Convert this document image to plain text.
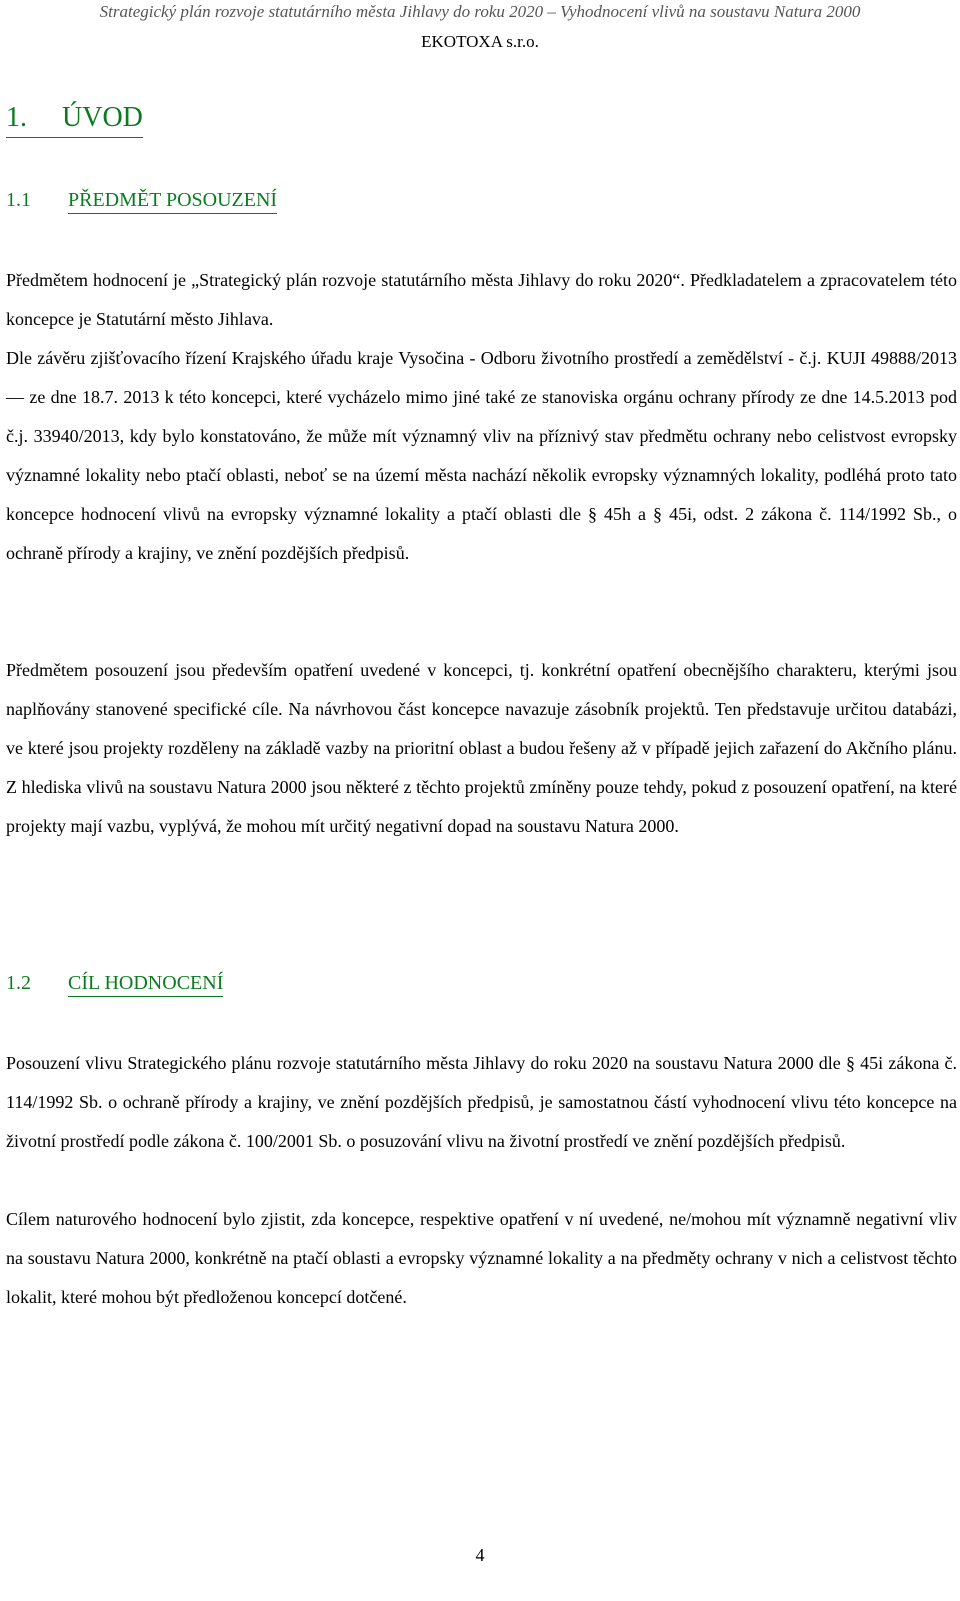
Strategický plán rozvoje statutárního města Jihlavy do roku 2020 – Vyhodnocení vlivů na soustavu Natura 2000
EKOTOXA s.r.o.
1.	ÚVOD
1.1	PŘEDMĚT POSOUZENÍ

Předmětem hodnocení je „Strategický plán rozvoje statutárního města Jihlavy do roku 2020“. Předkladatelem a zpracovatelem této koncepce je Statutární město Jihlava.

Dle závěru zjišťovacího řízení Krajského úřadu kraje Vysočina - Odboru životního prostředí a zemědělství - č.j. KUJI 49888/2013 –– ze dne 18.7. 2013 k této koncepci, které vycházelo mimo jiné také ze stanoviska orgánu ochrany přírody ze dne 14.5.2013 pod č.j. 33940/2013, kdy bylo konstatováno, že může mít významný vliv na příznivý stav předmětu ochrany nebo celistvost evropsky významné lokality nebo ptačí oblasti, neboť se na území města nachází několik evropsky významných lokality, podléhá proto tato koncepce hodnocení vlivů na evropsky významné lokality a ptačí oblasti dle § 45h a § 45i, odst. 2 zákona č. 114/1992 Sb., o ochraně přírody a krajiny, ve znění pozdějších předpisů.

Předmětem posouzení jsou především opatření uvedené v koncepci, tj. konkrétní opatření obecnějšího charakteru, kterými jsou naplňovány stanovené specifické cíle. Na návrhovou část koncepce navazuje zásobník projektů. Ten představuje určitou databázi, ve které jsou projekty rozděleny na základě vazby na prioritní oblast a budou řešeny až v případě jejich zařazení do Akčního plánu. Z hlediska vlivů na soustavu Natura 2000 jsou některé z těchto projektů zmíněny pouze tehdy, pokud z posouzení opatření, na které projekty mají vazbu, vyplývá, že mohou mít určitý negativní dopad na soustavu Natura 2000.

1.2	CÍL HODNOCENÍ

Posouzení vlivu Strategického plánu rozvoje statutárního města Jihlavy do roku 2020 na soustavu Natura 2000 dle § 45i zákona č. 114/1992 Sb. o ochraně přírody a krajiny, ve znění pozdějších předpisů, je samostatnou částí vyhodnocení vlivu této koncepce na životní prostředí podle zákona č. 100/2001 Sb. o posuzování vlivu na životní prostředí ve znění pozdějších předpisů.

Cílem naturového hodnocení bylo zjistit, zda koncepce, respektive opatření v ní uvedené, ne/mohou mít významně negativní vliv na soustavu Natura 2000, konkrétně na ptačí oblasti a evropsky významné lokality a na předměty ochrany v nich a celistvost těchto lokalit, které mohou být předloženou koncepcí dotčené.

4
